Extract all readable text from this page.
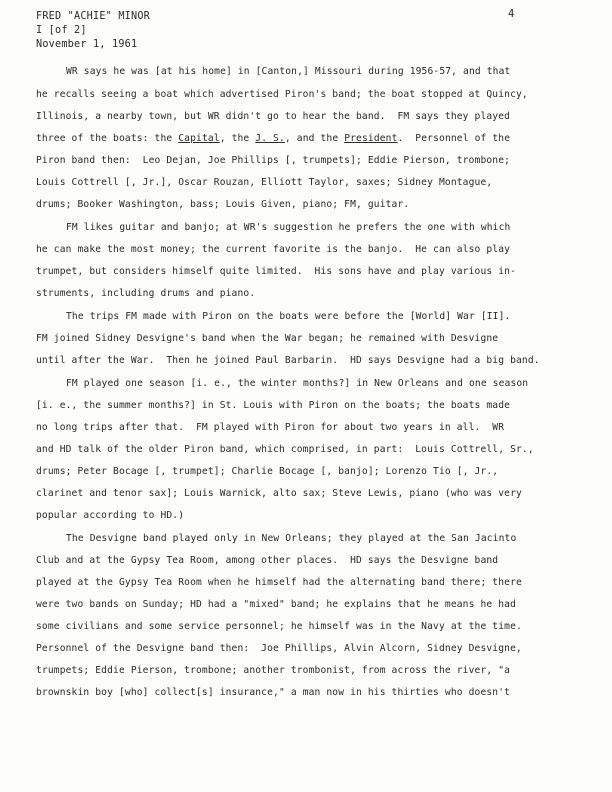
FRED "ACHIE" MINOR
I [of 2]
November 1, 1961
4
WR says he was [at his home] in [Canton,] Missouri during 1956-57, and that
he recalls seeing a boat which advertised Piron's band; the boat stopped at Quincy,
Illinois, a nearby town, but WR didn't go to hear the band.  FM says they played
three of the boats: the Capital, the J. S., and the President.  Personnel of the
Piron band then:  Leo Dejan, Joe Phillips [, trumpets]; Eddie Pierson, trombone;
Louis Cottrell [, Jr.], Oscar Rouzan, Elliott Taylor, saxes; Sidney Montague,
drums; Booker Washington, bass; Louis Given, piano; FM, guitar.
FM likes guitar and banjo; at WR's suggestion he prefers the one with which
he can make the most money; the current favorite is the banjo.  He can also play
trumpet, but considers himself quite limited.  His sons have and play various in-
struments, including drums and piano.
The trips FM made with Piron on the boats were before the [World] War [II].
FM joined Sidney Desvigne's band when the War began; he remained with Desvigne
until after the War.  Then he joined Paul Barbarin.  HD says Desvigne had a big band.
FM played one season [i. e., the winter months?] in New Orleans and one season
[i. e., the summer months?] in St. Louis with Piron on the boats; the boats made
no long trips after that.  FM played with Piron for about two years in all.  WR
and HD talk of the older Piron band, which comprised, in part:  Louis Cottrell, Sr.,
drums; Peter Bocage [, trumpet]; Charlie Bocage [, banjo]; Lorenzo Tio [, Jr.,
clarinet and tenor sax]; Louis Warnick, alto sax; Steve Lewis, piano (who was very
popular according to HD.)
The Desvigne band played only in New Orleans; they played at the San Jacinto
Club and at the Gypsy Tea Room, among other places.  HD says the Desvigne band
played at the Gypsy Tea Room when he himself had the alternating band there; there
were two bands on Sunday; HD had a "mixed" band; he explains that he means he had
some civilians and some service personnel; he himself was in the Navy at the time.
Personnel of the Desvigne band then:  Joe Phillips, Alvin Alcorn, Sidney Desvigne,
trumpets; Eddie Pierson, trombone; another trombonist, from across the river, "a
brownskin boy [who] collect[s] insurance," a man now in his thirties who doesn't
